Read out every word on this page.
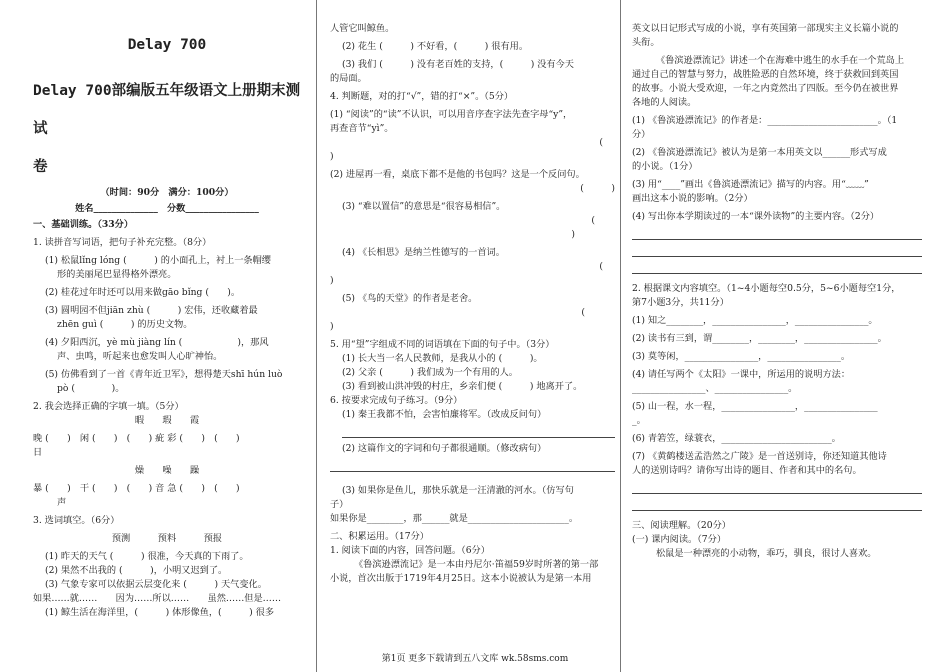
Delay 700
Delay 700部编版五年级语文上册期末测试
卷
（时间：90分　满分：100分）
姓名______________　分数________________
一、基础训练。（33分）
1. 读拼音写词语，把句子补充完整。（8分）
(1) 松鼠lǐng lóng (　　　) 的小面孔上，衬上一条帽缨
形的美丽尾巴显得格外漂亮。
(2) 桂花过年时还可以用来做gāo bǐng (　　)。
(3) 圆明园不但jiān zhù (　　　) 宏伟，还收藏着最
zhēn guì (　　　) 的历史文物。
(4) 夕阳西沉，yè mù jiàng lín (　　　　　　)，那风
声、虫鸣，听起来也愈发叫人心旷神怡。
(5) 仿佛看到了一首《青年近卫军》，想得楚天shī hún luò
pò (　　　　)。
2. 我会选择正确的字填一填。（5分）
暇　　瑕　　霞
晚 (　　)　闲 (　　)　(　　) 疵 彩 (　　)　(　　)
日
燥　　噪　　躁
暴 (　　)　干 (　　)　(　　) 音 急 (　　)　(　　)
声
3. 选词填空。（6分）
预测　　　预料　　　预报
(1) 昨天的天气 (　　　) 很准，今天真的下雨了。
(2) 果然不出我的 (　　　)，小明又迟到了。
(3) 气象专家可以依据云层变化来 (　　　) 天气变化。
如果……就……　　因为……所以……　　虽然……但是……
(1) 鲸生活在海洋里，(　　　) 体形像鱼，(　　　) 很多
人管它叫鲸鱼。
(2) 花生 (　　　) 不好看，(　　　) 很有用。
(3) 我们 (　　　) 没有老百姓的支持，(　　　) 没有今天
的局面。
4. 判断题，对的打“√”，错的打“×”。（5分）
(1) “阅读”的“读”不认识，可以用音序查字法先查字母“y”，
再查音节“yì”。
(
)
(2) 进屋再一看，桌底下都不是他的书包吗？这是一个反问句。
(　　　)
(3) “难以置信”的意思是“很容易相信”。
(
)
(4) 《长相思》是纳兰性德写的一首词。
(
)
(5) 《鸟的天堂》的作者是老舍。
(
)
5. 用“望”字组成不同的词语填在下面的句子中。（3分）
(1) 长大当一名人民教师，是我从小的 (　　　)。
(2) 父亲 (　　　) 我们成为一个有用的人。
(3) 看到被山洪冲毁的村庄，乡亲们便 (　　　) 地离开了。
6. 按要求完成句子练习。（9分）
(1) 秦王我都不怕，会害怕廉将军。（改成反问句）
(2) 这篇作文的字词和句子都很通顺。（修改病句）
(3) 如果你是鱼儿，那快乐就是一汪清澈的河水。（仿写句
子）
如果你是________，那______就是______________________。
二、积累运用。（17分）
1. 阅读下面的内容，回答问题。（6分）
《鲁滨逊漂流记》是一本由丹尼尔·笛福59岁时所著的第一部
小说，首次出版于1719年4月25日。这本小说被认为是第一本用
英文以日记形式写成的小说，享有英国第一部现实主义长篇小说的
头衔。
《鲁滨逊漂流记》讲述一个在海难中逃生的水手在一个荒岛上
通过自己的智慧与努力，战胜险恶的自然环境，终于获救回到英国
的故事。小说大受欢迎，一年之内竟然出了四版。至今仍在被世界
各地的人阅读。
(1) 《鲁滨逊漂流记》的作者是：________________________。（1
分）
(2) 《鲁滨逊漂流记》被认为是第一本用英文以______形式写成
的小说。（1分）
(3) 用“____”画出《鲁滨逊漂流记》描写的内容。用“﹏﹏”
画出这本小说的影响。（2分）
(4) 写出你本学期读过的一本“课外读物”的主要内容。（2分）
2. 根据课文内容填空。（1~4小题每空0.5分，5~6小题每空1分，
第7小题3分，共11分）
(1) 知之________，________________，________________。
(2) 读书有三到，谓________，________，________________。
(3) 莫等闲，________________，________________。
(4) 请任写两个《太阳》一课中，所运用的说明方法：
________________、________________。
(5) 山一程，水一程，________________，________________
_。
(6) 青箬笠，绿蓑衣，________________________。
(7) 《黄鹤楼送孟浩然之广陵》是一首送别诗，你还知道其他诗
人的送别诗吗？请你写出诗的题目、作者和其中的名句。
三、阅读理解。（20分）
(一) 课内阅读。（7分）
松鼠是一种漂亮的小动物，乖巧，驯良，很讨人喜欢。
第1页 更多下载请到五八文库 wk.58sms.com
